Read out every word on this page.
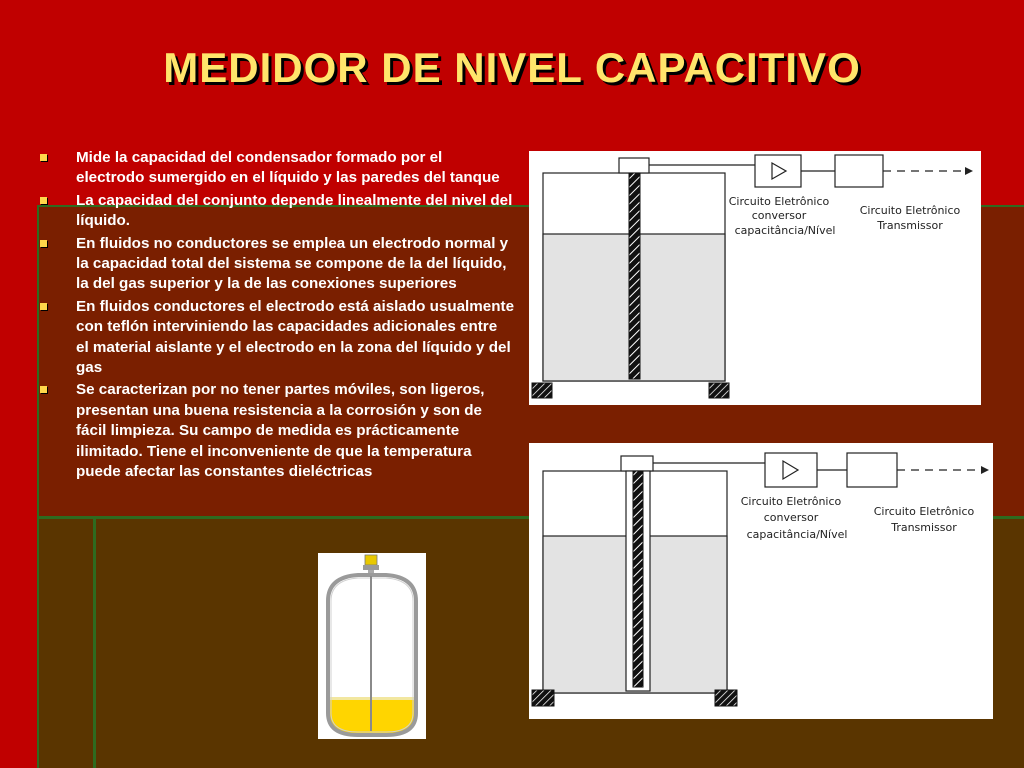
MEDIDOR DE NIVEL CAPACITIVO
Mide la capacidad del condensador formado por el electrodo sumergido en el líquido y las paredes del tanque
La capacidad del conjunto depende linealmente del nivel del líquido.
En fluidos no conductores se emplea un electrodo normal y la capacidad total del sistema se compone de la del líquido, la del gas superior y la de las conexiones superiores
En fluidos conductores el electrodo está aislado usualmente con teflón interviniendo las capacidades adicionales entre el material aislante y el electrodo en la zona del líquido y del gas
Se caracterizan por no tener partes móviles, son ligeros, presentan una buena resistencia a la corrosión y son de fácil limpieza. Su campo de medida es prácticamente ilimitado. Tiene el inconveniente de que la temperatura puede afectar las constantes dieléctricas
Circuito Eletrônico
conversor
capacitância/Nível
Circuito Eletrônico
Transmissor
Circuito Eletrônico
conversor
capacitância/Nível
Circuito Eletrônico
Transmissor
